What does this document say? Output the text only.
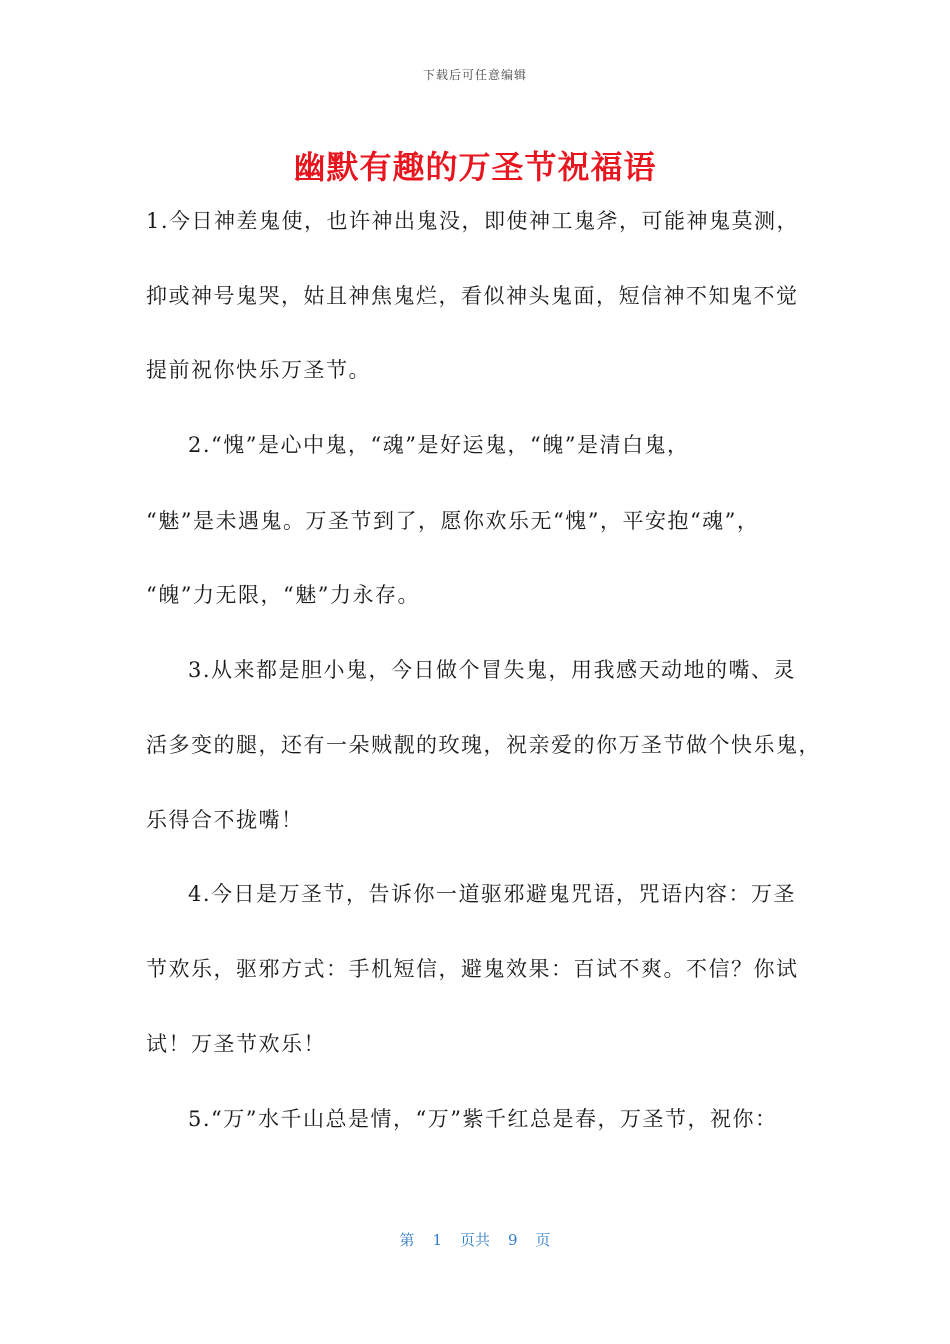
下载后可任意编辑
幽默有趣的万圣节祝福语
1.今日神差鬼使，也许神出鬼没，即使神工鬼斧，可能神鬼莫测，
抑或神号鬼哭，姑且神焦鬼烂，看似神头鬼面，短信神不知鬼不觉
提前祝你快乐万圣节。
2.“愧”是心中鬼，“魂”是好运鬼，“魄”是清白鬼，
“魅”是未遇鬼。万圣节到了，愿你欢乐无“愧”，平安抱“魂”，
“魄”力无限，“魅”力永存。
3.从来都是胆小鬼，今日做个冒失鬼，用我感天动地的嘴、灵
活多变的腿，还有一朵贼靓的玫瑰，祝亲爱的你万圣节做个快乐鬼，
乐得合不拢嘴！
4.今日是万圣节，告诉你一道驱邪避鬼咒语，咒语内容：万圣
节欢乐，驱邪方式：手机短信，避鬼效果：百试不爽。不信？你试
试！万圣节欢乐！
5.“万”水千山总是情，“万”紫千红总是春，万圣节，祝你：
第 1 页共 9 页
